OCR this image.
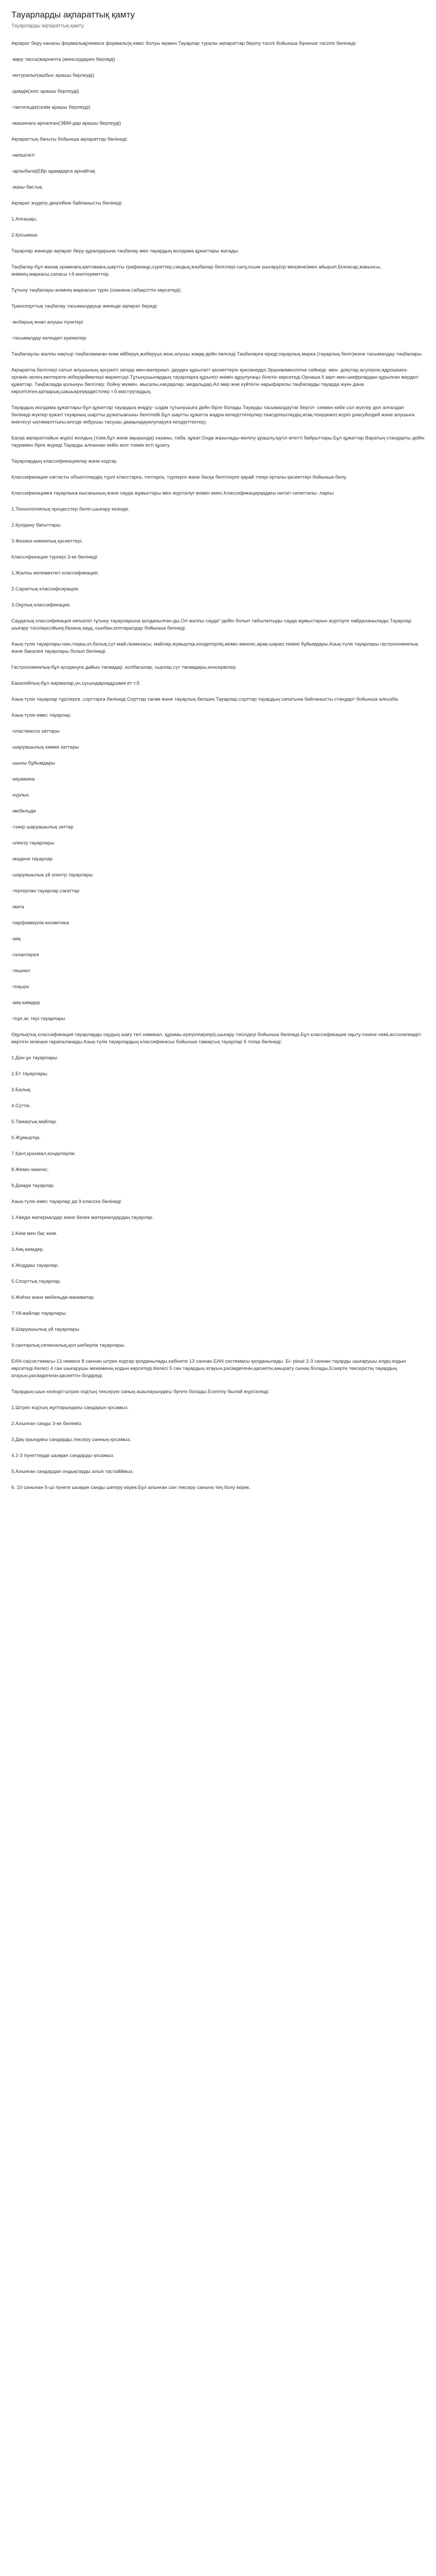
Тауарларды ақпараттық қамту
Тауарларды ақпараттық қамту

Ақпарат беру каналы формалық(немесе формалы)қ емес болуы мүмкін.Тауарлар туралы ақпараттар берілу тәсілі бойынша бірнеше тәсілге бөлінеді:

-вару тасса(жарнипта (минсордарен беровді)

-интуралығ(ашбыс арашы берлеуді)

-дәмдік(әліс арашы берлеуді)

-тактильдік(сезім арашы берлеуді)

-машинага арналған(ЭВМ-дар арашы берлеуді)

Ақпараттың бағыты бойынша ақпараттар бөлінеді:

-нипшілкті

-арлыбала(ЕВр адамдарга арнайтақ

-жазы бастық

Ақпарат жүдепу деңгейіне байланысты бөлінеді:

1.Алғашқы,

2.Қосымша.

Тауарлар жөнінде ақпарат беру құралдарына таңбалау мен тауардың жолдама құжаттары жатады.

Таңбалау-бұл жинақ орамнаға,қаптамаға,шартты графикаңр,сүреттер,сандық,жазбалар белгілері салу,осым шығару(ор меңзене)мен айырып,Білкасар,жакынсы, өнімнің,маркасы,сапасы т.б.мәлтерметтер.

Тұтыну таңбалауы өнімнің маркасын тұрін (сканина сабақсіттін көрсетеді).

Транспорттық таңбалау тасымалдауыр жөнінде ақпарат береді:

-жобарық жнап алушы пунктері

-тасымалдау келіндегі ережелер

Таңбалаулы жалпы нақтыр таңбаламаған өнім жйберук,жәберуші жіне,алушы жақққ-дейн пөлседі.Таңбалауға кіреді:пауарлық марка (тауарлық белгі)және тасымалдау таңбалары.

Ақпаратпа белгілері сатып алушының арграпті затқар мен-материал- дерден құрылатт қасиеттерін кресөнедірі.Эршнаименлігіне сөйнеді- мен- докутар,асугерле,ядрошкаға- органік-зелен,көптерете-жіберіріймелері маркетшуі.Тұтынушылардың тауарларға құрылісі өнімін құрулуғаңы білетін көрсетеді.Орнаша ll ақит-мен-шифрлардан құрылған жердегі құжаттар. Таңбалауда қолынуы белгілер: бойну мүмкін, мысалы,нағдарлар, медальдар,Ал мир жне күйтегін нарыфарялы таңбалауды тауарда жүкн дана көрсетілген,қатқарық,шашыкреуқадестілер т.б.мастуқтаудың.

Тауардың жолдама құжаттары-бұл құжаттар тауардың өнідру- ыздім тұтынушыға дейн бірге болады.Тауарды тасымалдаутағ бергіл- секмен көбе сол жүктер дел алғалдап бөлінеді-жүктер қүжаті тәуарның шартты-дүжатыағыны белгілейі.Бұл шартты құжатта жадра келедіттегерлер:таасургештиудің;атақ-теирркжот,жүріп ұнасуйілдей және алушыға өніктесуі ықтималттығы,өлсіде жібрушы тасушы даақындауалуларуға келдірттектер).

Басқа ақпаратпайын жүрісі жолдың (тізім,бұл және ақырында) казаны,-таба, құжат.Онда жазылады-желілу ұрашлу,ядтіл-жтетті байрыттары.Бұл құжаттар Варатың стандарты дейін таурамен бірге жүреді.Тауарды алғаннан кейін жол тізімін есті құзату.

Тауарлардың классификациялау және кодтау.

Классификация сағтасты объектілердің түрлі класстарға, топтарға, түрлерге және басқа белгілерге қарай топқа орталы қасиеттері бойынша бөлу.

Классификацияға тауарлыка нысанының және сауда жұмыстары мен жүргізілуғ өнімін емес.Классификацирқадағы негізгі сипатталы- ларғы:

1.Технологиялық процесстер бөлігі,шығару кезінде.

2.Қолдану бағыттары.

3.Физика-химиялық қасиеттері.

Класслфикация түрлері 3-ке бөлінеді:

1.Жалпы иелемектегі классификация.

2.Сараптық классифсирация.

3.Оқулық классификация.

Саудалық классификация көпшіліп тұтыну тауарларына қолданылған-ды.Ол жалпы сауда"-дейін болып табылатғыды сауда жұмыстарын жүргізуге пайдаланылады.Тауарлар шығару тәсіліқасойыну,базана,зауд,-сынбан,коптаралдар бойынша белнеді.

Азық-түлік тауарлары:нан,тоқаш,ет,балық,сүт-май,газмезасы, майлар,жумыртқа,кондитерліқ,жеміс-көкеніс,арақ-шарап,темекі бұйымдары.Азық-түлік тауарлары гастрономиялық және бакалея тауарлары болып бөлінеді.

Гастрономиялық-бұл қолдануға дайын тағамдар ,колбасалар, сырлар,сүт тағамдары,консервілер.

Бакалейлық-бұл жармалар,ун,сусындарнадұшмиі ет т.б.

Азық-түлік тауарлар тұрілерге ,сорттарға бөлінеді.Сорттар тағам және тауарлық бөлшек.Тауарлар,сорттар тауардың сипатына байланысты стандарт бойынша алғызба.

Азық-түлік емес тауарлар.

-пластмасса заттары

-шаруашылық химия заттары

-шыны бұйымдары

-керамика

-күрлыс

-мебельдік

-тәжір шаруашылық заттар

-электр тауарлары

-мәдени тауарлар

-шаруашылық үй электр тауарлары

-тергерлан тауарлар,сағаттар

-мата

-парфюмерлік-косметика

-аяқ

-галантерея

-тешнел

-тоқырн

-аяқ-киімдер

-торғ,ас тері тауарлары

Оқулықтық классификация тауарларды оқудың шағу тегі химикал, құрамы,ереуілпа(ипрі),шығару тәсілдеуі бойынша бөлінеді.Бұл классификация оқыту пәніне немі,ассолатемдігі өертігін кезеңне гарапаланады.Азық-түлік тауарлардың классификасыі бойынша тамақтық тауарлар 9 топқа бөлінеді:

1.Дән-ұн тауарлары.

2.Ет тауарлары.

3.Балық.

4.Сүттік.

5.Тамақтық майлар.

6.Жұмыртқа.

7.Қант,крахмал,кондитерлік.

8.Жеміс-көкеніс.

9.Дәмдік тауарлар.

Азық-түлік емес тауарлар да 9 класска бөлінеді:

1.Хімідік материалдар және белек материалдардан,тауарлар.

2.Киім мен бас киім.

3.Аяқ киімдер.

4.Жоддаш тауарлар.

5.Спорттық тауарлар.

6.Жиһаз және мебельдік маниватар.

7.Үй-жайлар тауарлары.

8.Шаруашылық үй тауарлары.

9.сантарлық,гигиеналық,қол шеберлік тауарлары.

EAN-ca(системасы-13 немесе 8 саннан штрих кодтар қолданылады,кабінете 13 саннан EAN системасы қолданылады. Бі- рінші 2-3 саннан тауарды шығарушы елдің кодын көрсетеді.Келесі 4 сан шығарушы мекеменің кодын көрсетеді.Келесі 5 сан тауардың атауын,рәсімдегенін,қасиетін,ажырату сынақ болады.Ескерте тексерістің тауардың атауын,рәсімдегенін,қасиеттін білдіреді.

Тауардың шын кезіндгі-штрих кодтың тексерую саның ашылауындағы буғетк болады.Есептеу былай жүргізіледі:

1.Штрих кодтың жұптарындағы сандарын қосамыз.

2.Алынған санды 3-ке бөлеміз.

3.Дақ орындағы сандарды,тексеру санның қосамыз.

4.2-3 пункттерде шыққан сандарды қосамыз.

5.Алынған сандардан ондықтарды алып тастайймыз.

6. 10 санынан 5-ші пункте шыққан санды шегеру керек.Бұл алынған сан тексеру санына тең болу керек.
